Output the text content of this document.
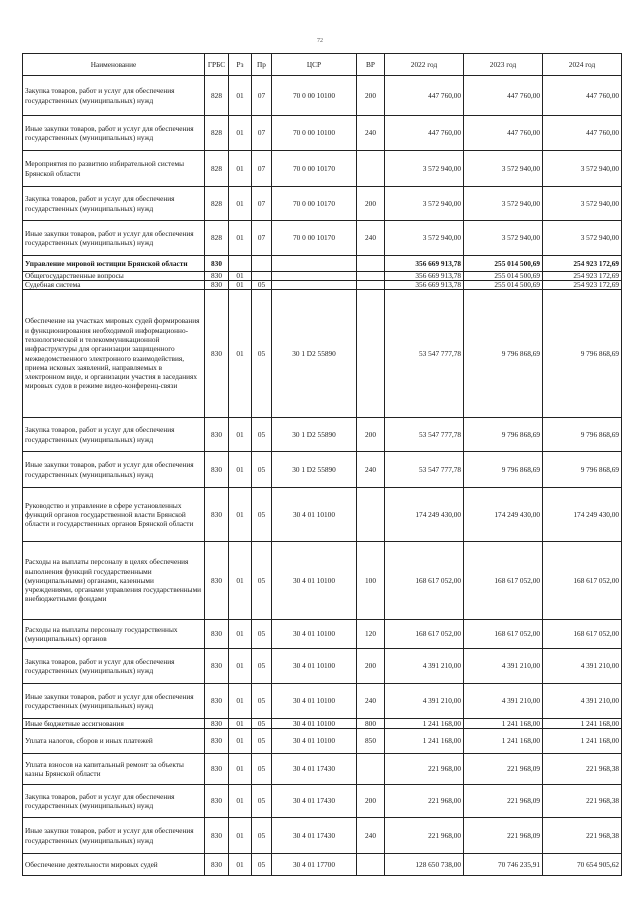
72
Наименование	ГРБС	Рз	Пр	ЦСР	ВР	2022 год	2023 год	2024 год
Закупка товаров, работ и услуг для обеспечения государственных (муниципальных) нужд	828	01	07	70 0 00 10100	200	447 760,00	447 760,00	447 760,00
Иные закупки товаров, работ и услуг для обеспечения государственных (муниципальных) нужд	828	01	07	70 0 00 10100	240	447 760,00	447 760,00	447 760,00
Мероприятия по развитию избирательной системы Брянской области	828	01	07	70 0 00 10170		3 572 940,00	3 572 940,00	3 572 940,00
Закупка товаров, работ и услуг для обеспечения государственных (муниципальных) нужд	828	01	07	70 0 00 10170	200	3 572 940,00	3 572 940,00	3 572 940,00
Иные закупки товаров, работ и услуг для обеспечения государственных (муниципальных) нужд	828	01	07	70 0 00 10170	240	3 572 940,00	3 572 940,00	3 572 940,00
Управление мировой юстиции Брянской области	830					356 669 913,78	255 014 500,69	254 923 172,69
Общегосударственные вопросы	830	01				356 669 913,78	255 014 500,69	254 923 172,69
Судебная система	830	01	05			356 669 913,78	255 014 500,69	254 923 172,69
Обеспечение на участках мировых судей формирования и функционирования необходимой информационно-технологической и телекоммуникационной инфраструктуры для организации защищенного межведомственного электронного взаимодействия, приема исковых заявлений, направляемых в электронном виде, и организации участия в заседаниях мировых судов в режиме видео-конференц-связи	830	01	05	30 1 D2 55890		53 547 777,78	9 796 868,69	9 796 868,69
Закупка товаров, работ и услуг для обеспечения государственных (муниципальных) нужд	830	01	05	30 1 D2 55890	200	53 547 777,78	9 796 868,69	9 796 868,69
Иные закупки товаров, работ и услуг для обеспечения государственных (муниципальных) нужд	830	01	05	30 1 D2 55890	240	53 547 777,78	9 796 868,69	9 796 868,69
Руководство и управление в сфере установленных функций органов государственной власти Брянской области и государственных органов Брянской области	830	01	05	30 4 01 10100		174 249 430,00	174 249 430,00	174 249 430,00
Расходы на выплаты персоналу в целях обеспечения выполнения функций государственными (муниципальными) органами, казенными учреждениями, органами управления государственными внебюджетными фондами	830	01	05	30 4 01 10100	100	168 617 052,00	168 617 052,00	168 617 052,00
Расходы на выплаты персоналу государственных (муниципальных) органов	830	01	05	30 4 01 10100	120	168 617 052,00	168 617 052,00	168 617 052,00
Закупка товаров, работ и услуг для обеспечения государственных (муниципальных) нужд	830	01	05	30 4 01 10100	200	4 391 210,00	4 391 210,00	4 391 210,00
Иные закупки товаров, работ и услуг для обеспечения государственных (муниципальных) нужд	830	01	05	30 4 01 10100	240	4 391 210,00	4 391 210,00	4 391 210,00
Иные бюджетные ассигнования	830	01	05	30 4 01 10100	800	1 241 168,00	1 241 168,00	1 241 168,00
Уплата налогов, сборов и иных платежей	830	01	05	30 4 01 10100	850	1 241 168,00	1 241 168,00	1 241 168,00
Уплата взносов на капитальный ремонт за объекты казны Брянской области	830	01	05	30 4 01 17430		221 968,00	221 968,09	221 968,38
Закупка товаров, работ и услуг для обеспечения государственных (муниципальных) нужд	830	01	05	30 4 01 17430	200	221 968,00	221 968,09	221 968,38
Иные закупки товаров, работ и услуг для обеспечения государственных (муниципальных) нужд	830	01	05	30 4 01 17430	240	221 968,00	221 968,09	221 968,38
Обеспечение деятельности мировых судей	830	01	05	30 4 01 17700		128 650 738,00	70 746 235,91	70 654 905,62
